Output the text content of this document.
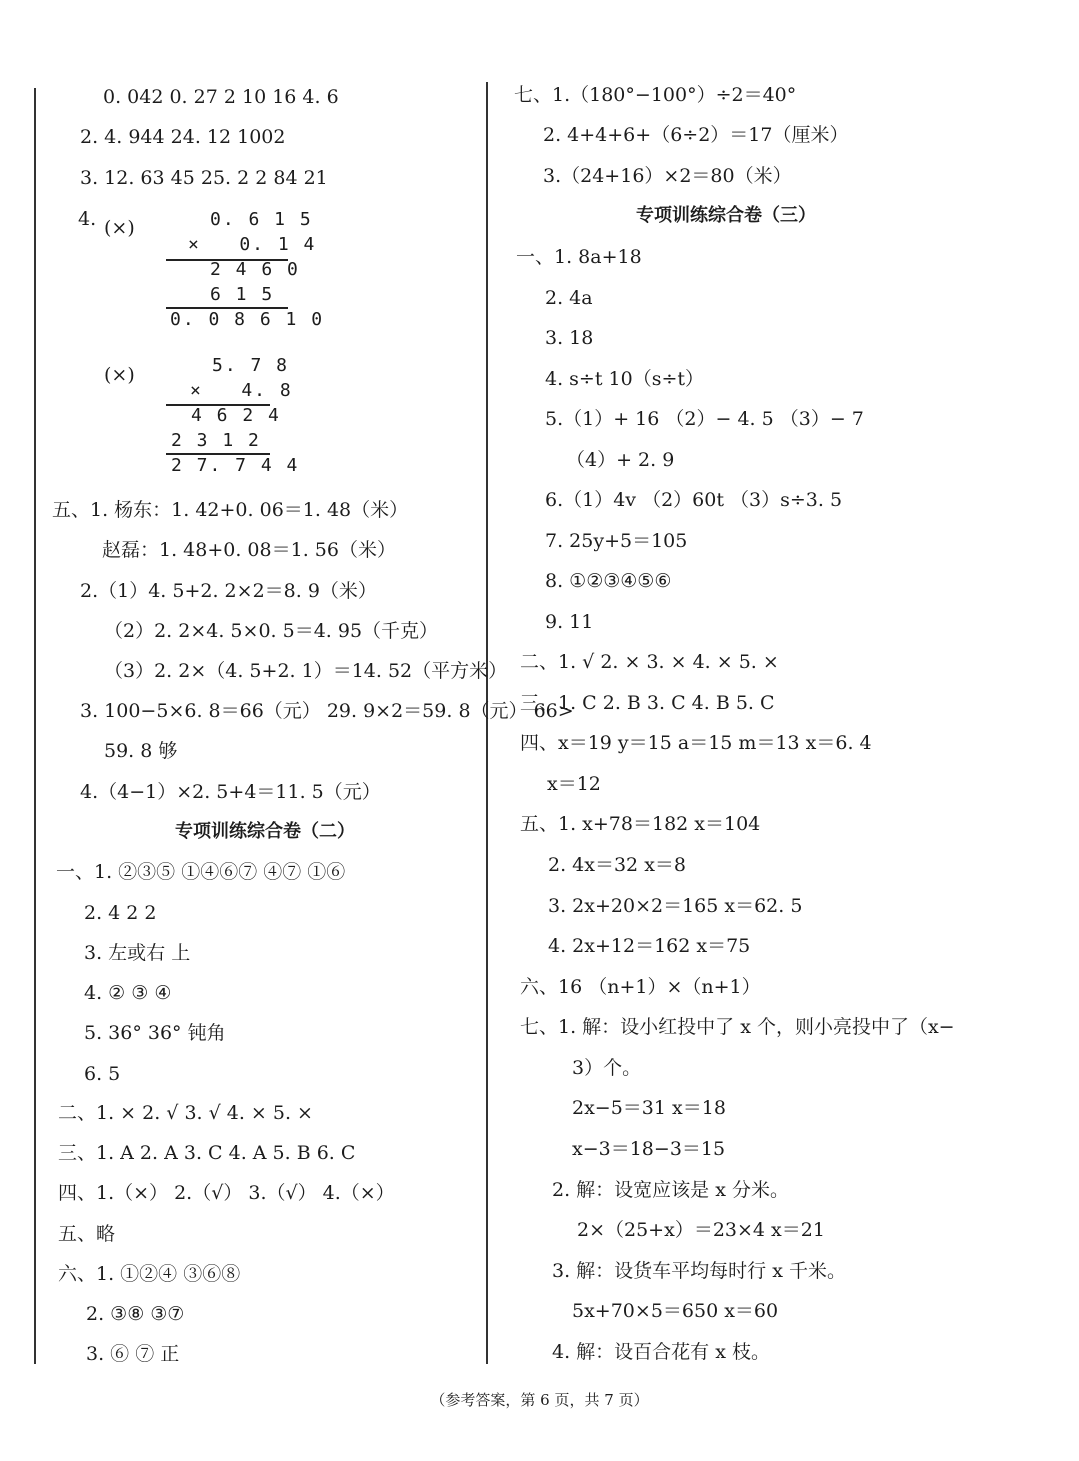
0. 042 0. 27 2 10 16 4. 6
2. 4. 944 24. 12 1002
3. 12. 63 45 25. 2 2 84 21
4. (×)	0. 6 1 5
×   0. 1 4
2 4 6 0
6 1 5
0. 0 8 6 1 0
(×)	5. 7 8
×   4. 8
4 6 2 4
2 3 1 2
2 7. 7 4 4
五、1. 杨东：1. 42+0. 06＝1. 48（米）
赵磊：1. 48+0. 08＝1. 56（米）
2.（1）4. 5+2. 2×2＝8. 9（米）
（2）2. 2×4. 5×0. 5＝4. 95（千克）
（3）2. 2×（4. 5+2. 1）＝14. 52（平方米）
3. 100−5×6. 8＝66（元） 29. 9×2＝59. 8（元） 66>
59. 8 够
4.（4−1）×2. 5+4＝11. 5（元）
专项训练综合卷（二）
一、1. ②③⑤ ①④⑥⑦ ④⑦ ①⑥
2. 4 2 2
3. 左或右 上
4. ② ③ ④
5. 36° 36° 钝角
6. 5
二、1. × 2. √ 3. √ 4. × 5. ×
三、1. A 2. A 3. C 4. A 5. B 6. C
四、1.（×） 2.（√） 3.（√） 4.（×）
五、略
六、1. ①②④ ③⑥⑧
2. ③⑧ ③⑦
3. ⑥ ⑦ 正
七、1.（180°−100°）÷2＝40°
2. 4+4+6+（6÷2）＝17（厘米）
3.（24+16）×2＝80（米）
专项训练综合卷（三）
一、1. 8a+18
2. 4a
3. 18
4. s÷t 10（s÷t）
5.（1）+ 16 （2）− 4. 5 （3）− 7
（4）+ 2. 9
6.（1）4v （2）60t （3）s÷3. 5
7. 25y+5＝105
8. ①②③④⑤⑥
9. 11
二、1. √ 2. × 3. × 4. × 5. ×
三、1. C 2. B 3. C 4. B 5. C
四、x＝19 y＝15 a＝15 m＝13 x＝6. 4
x＝12
五、1. x+78＝182 x＝104
2. 4x＝32 x＝8
3. 2x+20×2＝165 x＝62. 5
4. 2x+12＝162 x＝75
六、16 （n+1）×（n+1）
七、1. 解：设小红投中了 x 个，则小亮投中了（x−
3）个。
2x−5＝31 x＝18
x−3＝18−3＝15
2. 解：设宽应该是 x 分米。
2×（25+x）＝23×4 x＝21
3. 解：设货车平均每时行 x 千米。
5x+70×5＝650 x＝60
4. 解：设百合花有 x 枝。
（参考答案，第 6 页，共 7 页）
